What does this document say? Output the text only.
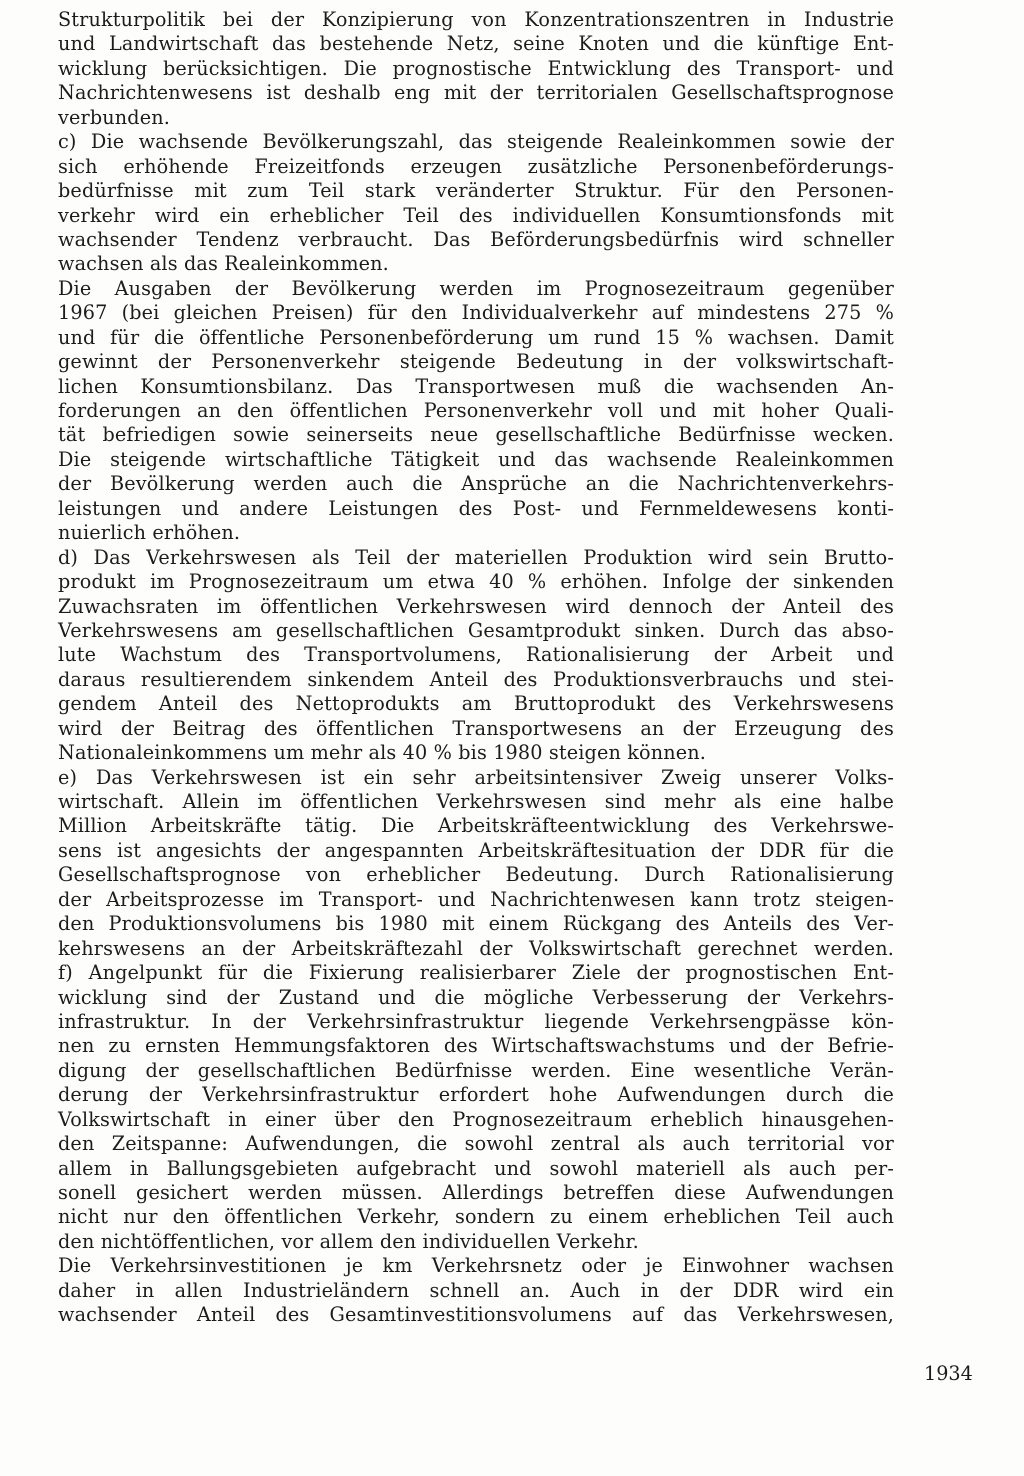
Strukturpolitik bei der Konzipierung von Konzentrationszentren in Industrie
und Landwirtschaft das bestehende Netz, seine Knoten und die künftige Ent-
wicklung berücksichtigen. Die prognostische Entwicklung des Transport- und
Nachrichtenwesens ist deshalb eng mit der territorialen Gesellschaftsprognose
verbunden.
c) Die wachsende Bevölkerungszahl, das steigende Realeinkommen sowie der
sich erhöhende Freizeitfonds erzeugen zusätzliche Personenbeförderungs-
bedürfnisse mit zum Teil stark veränderter Struktur. Für den Personen-
verkehr wird ein erheblicher Teil des individuellen Konsumtionsfonds mit
wachsender Tendenz verbraucht. Das Beförderungsbedürfnis wird schneller
wachsen als das Realeinkommen.
Die Ausgaben der Bevölkerung werden im Prognosezeitraum gegenüber
1967 (bei gleichen Preisen) für den Individualverkehr auf mindestens 275 %
und für die öffentliche Personenbeförderung um rund 15 % wachsen. Damit
gewinnt der Personenverkehr steigende Bedeutung in der volkswirtschaft-
lichen Konsumtionsbilanz. Das Transportwesen muß die wachsenden An-
forderungen an den öffentlichen Personenverkehr voll und mit hoher Quali-
tät befriedigen sowie seinerseits neue gesellschaftliche Bedürfnisse wecken.
Die steigende wirtschaftliche Tätigkeit und das wachsende Realeinkommen
der Bevölkerung werden auch die Ansprüche an die Nachrichtenverkehrs-
leistungen und andere Leistungen des Post- und Fernmeldewesens konti-
nuierlich erhöhen.
d) Das Verkehrswesen als Teil der materiellen Produktion wird sein Brutto-
produkt im Prognosezeitraum um etwa 40 % erhöhen. Infolge der sinkenden
Zuwachsraten im öffentlichen Verkehrswesen wird dennoch der Anteil des
Verkehrswesens am gesellschaftlichen Gesamtprodukt sinken. Durch das abso-
lute Wachstum des Transportvolumens, Rationalisierung der Arbeit und
daraus resultierendem sinkendem Anteil des Produktionsverbrauchs und stei-
gendem Anteil des Nettoprodukts am Bruttoprodukt des Verkehrswesens
wird der Beitrag des öffentlichen Transportwesens an der Erzeugung des
Nationaleinkommens um mehr als 40 % bis 1980 steigen können.
e) Das Verkehrswesen ist ein sehr arbeitsintensiver Zweig unserer Volks-
wirtschaft. Allein im öffentlichen Verkehrswesen sind mehr als eine halbe
Million Arbeitskräfte tätig. Die Arbeitskräfteentwicklung des Verkehrswe-
sens ist angesichts der angespannten Arbeitskräftesituation der DDR für die
Gesellschaftsprognose von erheblicher Bedeutung. Durch Rationalisierung
der Arbeitsprozesse im Transport- und Nachrichtenwesen kann trotz steigen-
den Produktionsvolumens bis 1980 mit einem Rückgang des Anteils des Ver-
kehrswesens an der Arbeitskräftezahl der Volkswirtschaft gerechnet werden.
f) Angelpunkt für die Fixierung realisierbarer Ziele der prognostischen Ent-
wicklung sind der Zustand und die mögliche Verbesserung der Verkehrs-
infrastruktur. In der Verkehrsinfrastruktur liegende Verkehrsengpässe kön-
nen zu ernsten Hemmungsfaktoren des Wirtschaftswachstums und der Befrie-
digung der gesellschaftlichen Bedürfnisse werden. Eine wesentliche Verän-
derung der Verkehrsinfrastruktur erfordert hohe Aufwendungen durch die
Volkswirtschaft in einer über den Prognosezeitraum erheblich hinausgehen-
den Zeitspanne: Aufwendungen, die sowohl zentral als auch territorial vor
allem in Ballungsgebieten aufgebracht und sowohl materiell als auch per-
sonell gesichert werden müssen. Allerdings betreffen diese Aufwendungen
nicht nur den öffentlichen Verkehr, sondern zu einem erheblichen Teil auch
den nichtöffentlichen, vor allem den individuellen Verkehr.
Die Verkehrsinvestitionen je km Verkehrsnetz oder je Einwohner wachsen
daher in allen Industrieländern schnell an. Auch in der DDR wird ein
wachsender Anteil des Gesamtinvestitionsvolumens auf das Verkehrswesen,
1934
